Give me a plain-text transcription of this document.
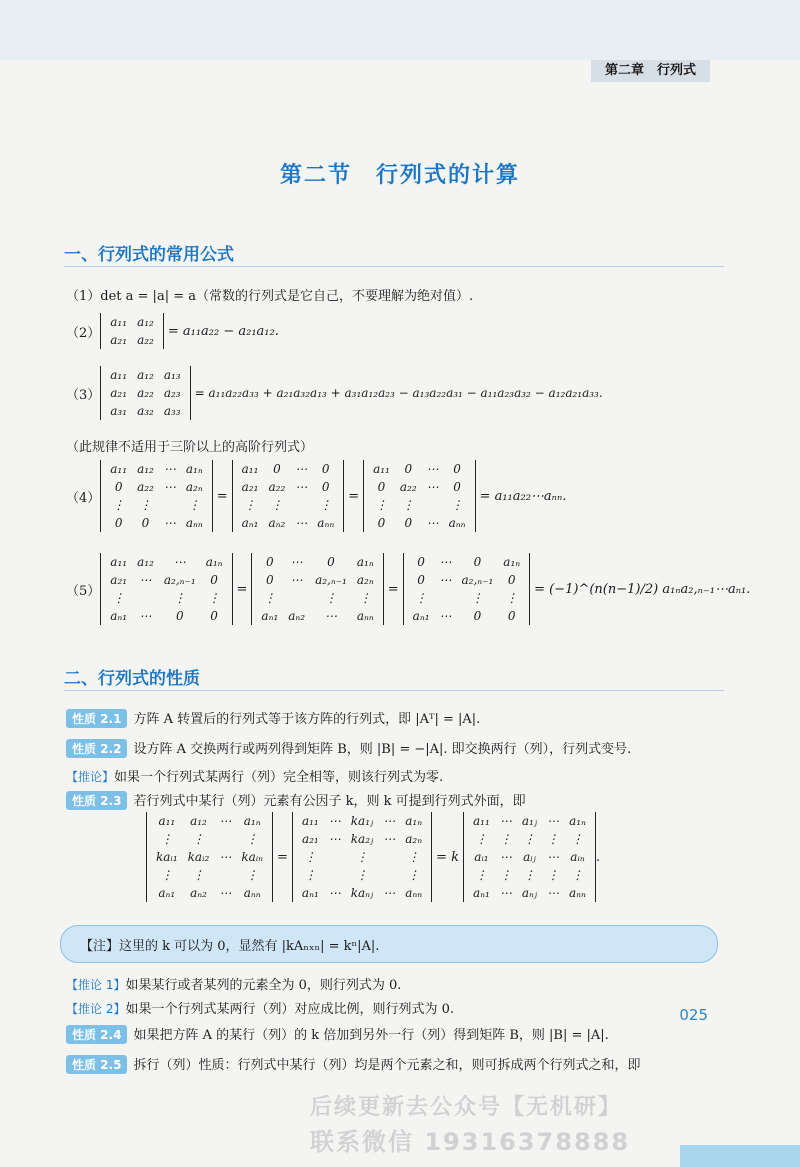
第二章　行列式
第二节　行列式的计算
一、行列式的常用公式
（1）det a = |a| = a（常数的行列式是它自己，不要理解为绝对值）.
（2）
a₁₁	a₁₂
a₂₁	a₂₂
= a₁₁a₂₂ − a₂₁a₁₂.
（3）
a₁₁	a₁₂	a₁₃
a₂₁	a₂₂	a₂₃
a₃₁	a₃₂	a₃₃
= a₁₁a₂₂a₃₃ + a₂₁a₃₂a₁₃ + a₃₁a₁₂a₂₃ − a₁₃a₂₂a₃₁ − a₁₁a₂₃a₃₂ − a₁₂a₂₁a₃₃.
（此规律不适用于三阶以上的高阶行列式）
（4）
a₁₁	a₁₂	⋯	a₁ₙ
0	a₂₂	⋯	a₂ₙ
⋮	⋮		⋮
0	0	⋯	aₙₙ
=
a₁₁	0	⋯	0
a₂₁	a₂₂	⋯	0
⋮	⋮		⋮
aₙ₁	aₙ₂	⋯	aₙₙ
=
a₁₁	0	⋯	0
0	a₂₂	⋯	0
⋮	⋮		⋮
0	0	⋯	aₙₙ
= a₁₁a₂₂⋯aₙₙ.
（5）
a₁₁	a₁₂	⋯	a₁ₙ
a₂₁	⋯	a₂,ₙ₋₁	0
⋮		⋮	⋮
aₙ₁	⋯	0	0
=
0	⋯	0	a₁ₙ
0	⋯	a₂,ₙ₋₁	a₂ₙ
⋮		⋮	⋮
aₙ₁	aₙ₂	⋯	aₙₙ
=
0	⋯	0	a₁ₙ
0	⋯	a₂,ₙ₋₁	0
⋮		⋮	⋮
aₙ₁	⋯	0	0
= (−1)^(n(n−1)/2) a₁ₙa₂,ₙ₋₁⋯aₙ₁.
二、行列式的性质
性质 2.1 方阵 A 转置后的行列式等于该方阵的行列式，即 |Aᵀ| = |A|.
性质 2.2 设方阵 A 交换两行或两列得到矩阵 B，则 |B| = −|A|. 即交换两行（列），行列式变号.
【推论】如果一个行列式某两行（列）完全相等，则该行列式为零.
性质 2.3 若行列式中某行（列）元素有公因子 k，则 k 可提到行列式外面，即
a₁₁	a₁₂	⋯	a₁ₙ
⋮	⋮		⋮
kaᵢ₁	kaᵢ₂	⋯	kaᵢₙ
⋮	⋮		⋮
aₙ₁	aₙ₂	⋯	aₙₙ
=
a₁₁	⋯	ka₁ⱼ	⋯	a₁ₙ
a₂₁	⋯	ka₂ⱼ	⋯	a₂ₙ
⋮		⋮		⋮
⋮		⋮		⋮
aₙ₁	⋯	kaₙⱼ	⋯	aₙₙ
= k
a₁₁	⋯	a₁ⱼ	⋯	a₁ₙ
⋮	⋮	⋮	⋮	⋮
aᵢ₁	⋯	aᵢⱼ	⋯	aᵢₙ
⋮	⋮	⋮	⋮	⋮
aₙ₁	⋯	aₙⱼ	⋯	aₙₙ
.
【注】这里的 k 可以为 0，显然有 |kAₙₓₙ| = kⁿ|A|.
【推论 1】如果某行或者某列的元素全为 0，则行列式为 0.
【推论 2】如果一个行列式某两行（列）对应成比例，则行列式为 0.
性质 2.4 如果把方阵 A 的某行（列）的 k 倍加到另外一行（列）得到矩阵 B，则 |B| = |A|.
性质 2.5 拆行（列）性质：行列式中某行（列）均是两个元素之和，则可拆成两个行列式之和，即
025
后续更新去公众号【无机研】
联系微信 19316378888
